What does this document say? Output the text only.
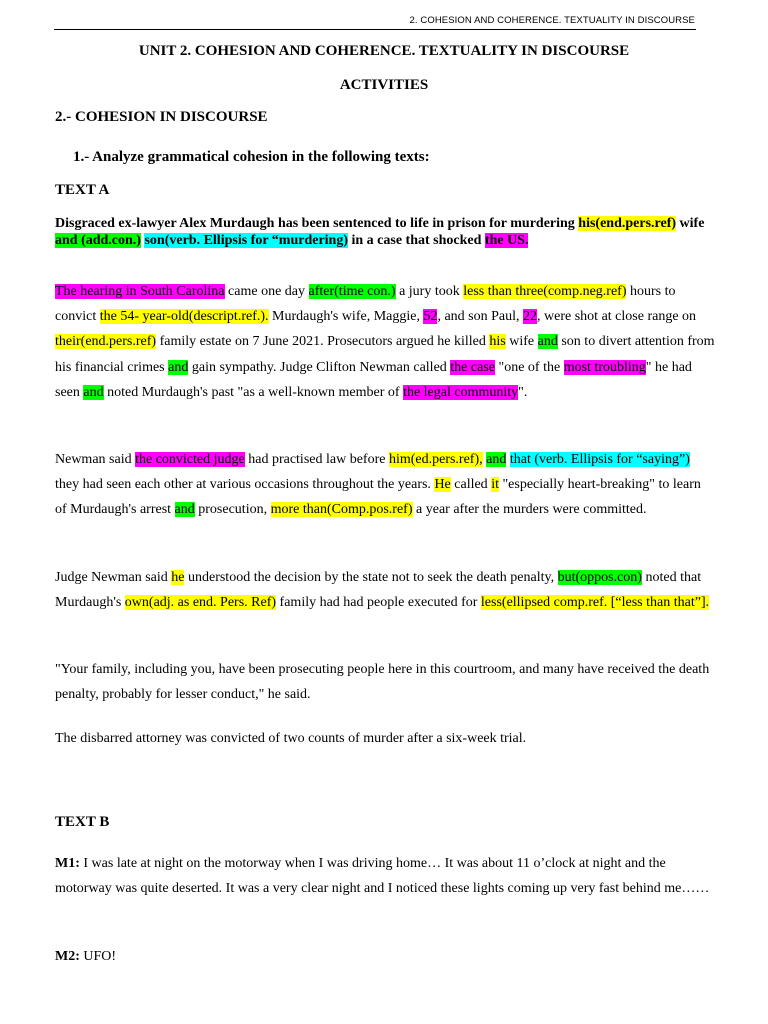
2. COHESION AND COHERENCE. TEXTUALITY IN DISCOURSE
UNIT 2. COHESION AND COHERENCE. TEXTUALITY IN DISCOURSE
ACTIVITIES
2.- COHESION IN DISCOURSE
1.- Analyze grammatical cohesion in the following texts:
TEXT A
Disgraced ex-lawyer Alex Murdaugh has been sentenced to life in prison for murdering his(end.pers.ref) wife and (add.con.) son(verb. Ellipsis for “murdering) in a case that shocked the US.
The hearing in South Carolina came one day after(time con.) a jury took less than three(comp.neg.ref) hours to convict the 54- year-old(descript.ref.). Murdaugh's wife, Maggie, 52, and son Paul, 22, were shot at close range on their(end.pers.ref) family estate on 7 June 2021. Prosecutors argued he killed his wife and son to divert attention from his financial crimes and gain sympathy. Judge Clifton Newman called the case "one of the most troubling" he had seen and noted Murdaugh's past "as a well-known member of the legal community".
Newman said the convicted judge had practised law before him(ed.pers.ref), and that (verb. Ellipsis for “saying”) they had seen each other at various occasions throughout the years. He called it "especially heart-breaking" to learn of Murdaugh's arrest and prosecution, more than(Comp.pos.ref) a year after the murders were committed.
Judge Newman said he understood the decision by the state not to seek the death penalty, but(oppos.con) noted that Murdaugh's own(adj. as end. Pers. Ref) family had had people executed for less(ellipsed comp.ref. [“less than that”].
"Your family, including you, have been prosecuting people here in this courtroom, and many have received the death penalty, probably for lesser conduct," he said.
The disbarred attorney was convicted of two counts of murder after a six-week trial.
TEXT B
M1: I was late at night on the motorway when I was driving home… It was about 11 o’clock at night and the motorway was quite deserted. It was a very clear night and I noticed these lights coming up very fast behind me……
M2: UFO!
